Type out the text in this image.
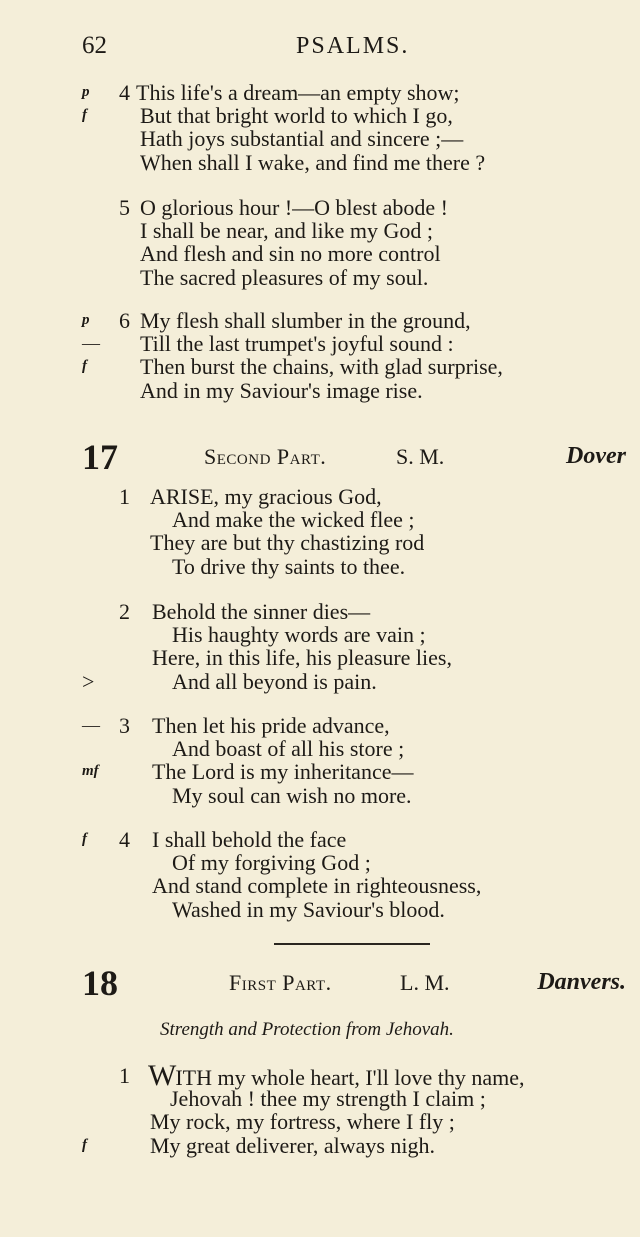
62	PSALMS.
p	4 This life's a dream—an empty show;
f	But that bright world to which I go,
Hath joys substantial and sincere ;—
When shall I wake, and find me there ?
5 O glorious hour !—O blest abode !
I shall be near, and like my God ;
And flesh and sin no more control
The sacred pleasures of my soul.
p	6 My flesh shall slumber in the ground,
—	Till the last trumpet's joyful sound :
f	Then burst the chains, with glad surprise,
And in my Saviour's image rise.
17	Second Part.	S. M.	Dover
1 ARISE, my gracious God,
And make the wicked flee ;
They are but thy chastizing rod
To drive thy saints to thee.
2 Behold the sinner dies—
His haughty words are vain ;
Here, in this life, his pleasure lies,
>	And all beyond is pain.
— 3 Then let his pride advance,
And boast of all his store ;
mf	The Lord is my inheritance—
My soul can wish no more.
f	4 I shall behold the face
Of my forgiving God ;
And stand complete in righteousness,
Washed in my Saviour's blood.
18	First Part.	L. M.	Danvers.
Strength and Protection from Jehovah.
1 WITH my whole heart, I'll love thy name,
Jehovah ! thee my strength I claim ;
My rock, my fortress, where I fly ;
f	My great deliverer, always nigh.
